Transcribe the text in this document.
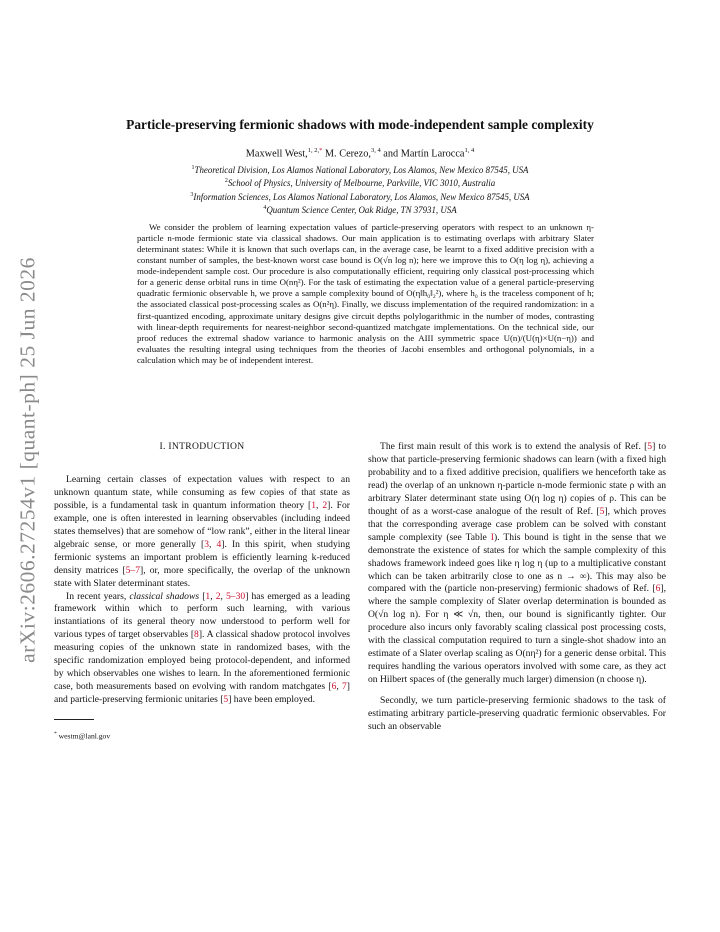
arXiv:2606.27254v1 [quant-ph] 25 Jun 2026
Particle-preserving fermionic shadows with mode-independent sample complexity
Maxwell West,$^{1, 2,*}$ M. Cerezo,$^{3, 4}$ and Martín Larocca$^{1, 4}$
$^1$Theoretical Division, Los Alamos National Laboratory, Los Alamos, New Mexico 87545, USA
$^2$School of Physics, University of Melbourne, Parkville, VIC 3010, Australia
$^3$Information Sciences, Los Alamos National Laboratory, Los Alamos, New Mexico 87545, USA
$^4$Quantum Science Center, Oak Ridge, TN 37931, USA

We consider the problem of learning expectation values of particle-preserving operators with respect to an unknown η-particle n-mode fermionic state via classical shadows. Our main application is to estimating overlaps with arbitrary Slater determinant states: While it is known that such overlaps can, in the average case, be learnt to a fixed additive precision with a constant number of samples, the best-known worst case bound is O(√n log n); here we improve this to O(η log η), achieving a mode-independent sample cost. Our procedure is also computationally efficient, requiring only classical post-processing which for a generic dense orbital runs in time O(nη²). For the task of estimating the expectation value of a general particle-preserving quadratic fermionic observable h, we prove a sample complexity bound of O(η‖h₀‖₂²), where h₀ is the traceless component of h; the associated classical post-processing scales as O(n²η). Finally, we discuss implementation of the required randomization: in a first-quantized encoding, approximate unitary designs give circuit depths polylogarithmic in the number of modes, contrasting with linear-depth requirements for nearest-neighbor second-quantized matchgate implementations. On the technical side, our proof reduces the extremal shadow variance to harmonic analysis on the AIII symmetric space U(n)/(U(η)×U(n−η)) and evaluates the resulting integral using techniques from the theories of Jacobi ensembles and orthogonal polynomials, in a calculation which may be of independent interest.

I. INTRODUCTION

Learning certain classes of expectation values with respect to an unknown quantum state, while consuming as few copies of that state as possible, is a fundamental task in quantum information theory [1, 2]. For example, one is often interested in learning observables (including indeed states themselves) that are somehow of “low rank”, either in the literal linear algebraic sense, or more generally [3, 4]. In this spirit, when studying fermionic systems an important problem is efficiently learning k-reduced density matrices [5–7], or, more specifically, the overlap of the unknown state with Slater determinant states.

In recent years, classical shadows [1, 2, 5–30] has emerged as a leading framework within which to perform such learning, with various instantiations of its general theory now understood to perform well for various types of target observables [8]. A classical shadow protocol involves measuring copies of the unknown state in randomized bases, with the specific randomization employed being protocol-dependent, and informed by which observables one wishes to learn. In the aforementioned fermionic case, both measurements based on evolving with random matchgates [6, 7] and particle-preserving fermionic unitaries [5] have been employed.

* westm@lanl.gov

The first main result of this work is to extend the analysis of Ref. [5] to show that particle-preserving fermionic shadows can learn (with a fixed high probability and to a fixed additive precision, qualifiers we henceforth take as read) the overlap of an unknown η-particle n-mode fermionic state ρ with an arbitrary Slater determinant state using O(η log η) copies of ρ. This can be thought of as a worst-case analogue of the result of Ref. [5], which proves that the corresponding average case problem can be solved with constant sample complexity (see Table I). This bound is tight in the sense that we demonstrate the existence of states for which the sample complexity of this shadows framework indeed goes like η log η (up to a multiplicative constant which can be taken arbitrarily close to one as n → ∞). This may also be compared with the (particle non-preserving) fermionic shadows of Ref. [6], where the sample complexity of Slater overlap determination is bounded as O(√n log n). For η ≪ √n, then, our bound is significantly tighter. Our procedure also incurs only favorably scaling classical post processing costs, with the classical computation required to turn a single-shot shadow into an estimate of a Slater overlap scaling as O(nη²) for a generic dense orbital. This requires handling the various operators involved with some care, as they act on Hilbert spaces of (the generally much larger) dimension (n choose η).

Secondly, we turn particle-preserving fermionic shadows to the task of estimating arbitrary particle-preserving quadratic fermionic observables. For such an observable
